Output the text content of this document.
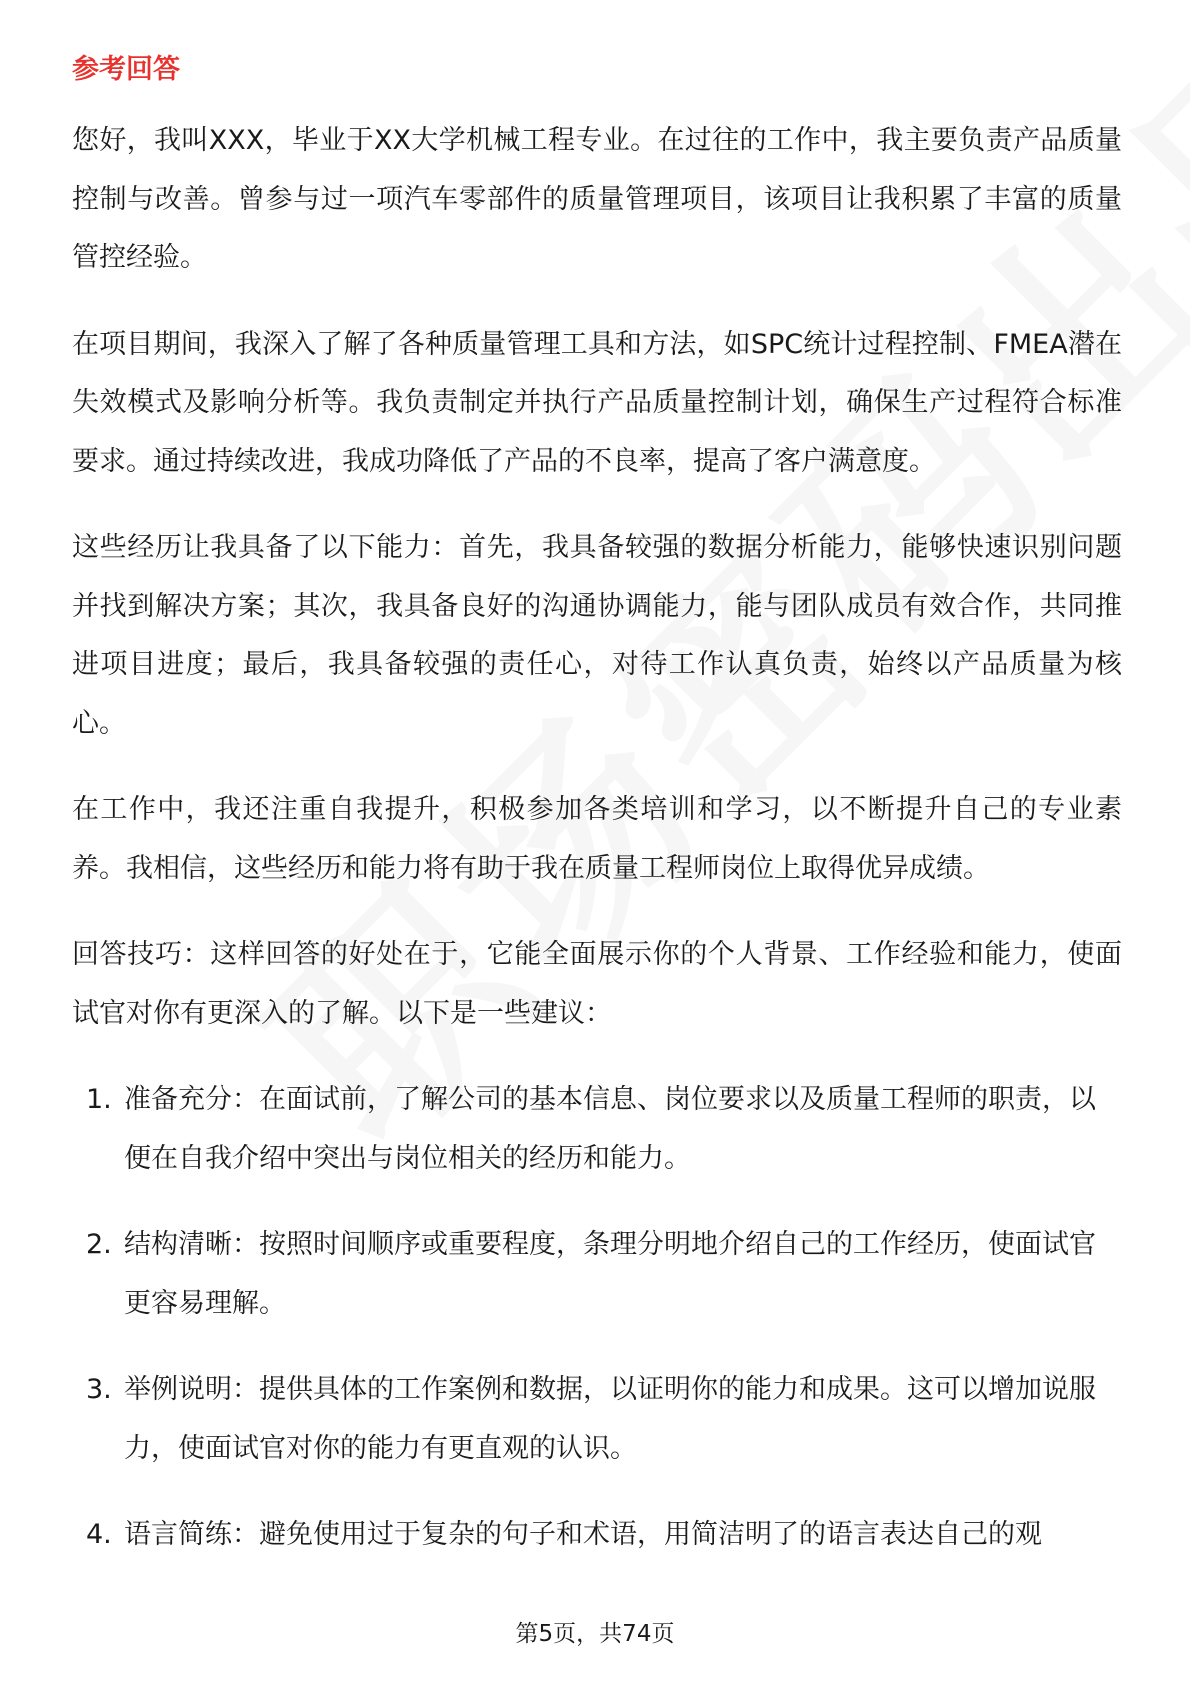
参考回答

您好，我叫XXX，毕业于XX大学机械工程专业。在过往的工作中，我主要负责产品质量控制与改善。曾参与过一项汽车零部件的质量管理项目，该项目让我积累了丰富的质量管控经验。

在项目期间，我深入了解了各种质量管理工具和方法，如SPC统计过程控制、FMEA潜在失效模式及影响分析等。我负责制定并执行产品质量控制计划，确保生产过程符合标准要求。通过持续改进，我成功降低了产品的不良率，提高了客户满意度。

这些经历让我具备了以下能力：首先，我具备较强的数据分析能力，能够快速识别问题并找到解决方案；其次，我具备良好的沟通协调能力，能与团队成员有效合作，共同推进项目进度；最后，我具备较强的责任心，对待工作认真负责，始终以产品质量为核心。

在工作中，我还注重自我提升，积极参加各类培训和学习，以不断提升自己的专业素养。我相信，这些经历和能力将有助于我在质量工程师岗位上取得优异成绩。

回答技巧：这样回答的好处在于，它能全面展示你的个人背景、工作经验和能力，使面试官对你有更深入的了解。以下是一些建议：

1. 准备充分：在面试前，了解公司的基本信息、岗位要求以及质量工程师的职责，以便在自我介绍中突出与岗位相关的经历和能力。
2. 结构清晰：按照时间顺序或重要程度，条理分明地介绍自己的工作经历，使面试官更容易理解。
3. 举例说明：提供具体的工作案例和数据，以证明你的能力和成果。这可以增加说服力，使面试官对你的能力有更直观的认识。
4. 语言简练：避免使用过于复杂的句子和术语，用简洁明了的语言表达自己的观
第5页，共74页
